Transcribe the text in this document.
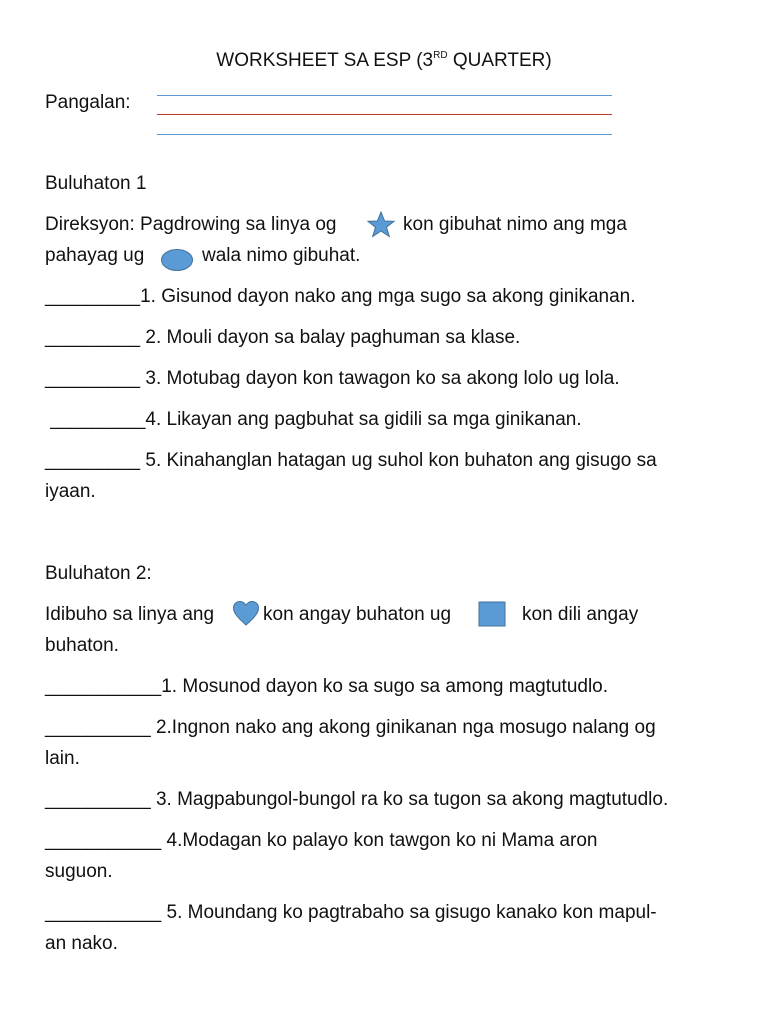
WORKSHEET SA ESP (3RD QUARTER)
Pangalan:
Buluhaton 1
Direksyon: Pagdrowing sa linya og	kon gibuhat nimo ang mga
pahayag ug	wala nimo gibuhat.
_________1. Gisunod dayon nako ang mga sugo sa akong ginikanan.
_________ 2. Mouli dayon sa balay paghuman sa klase.
_________ 3. Motubag dayon kon tawagon ko sa akong lolo ug lola.
_________4. Likayan ang pagbuhat sa gidili sa mga ginikanan.
_________ 5. Kinahanglan hatagan ug suhol kon buhaton ang gisugo sa
iyaan.
Buluhaton 2:
Idibuho sa linya ang	kon angay buhaton ug	kon dili angay
buhaton.
___________1. Mosunod dayon ko sa sugo sa among magtutudlo.
__________ 2.Ingnon nako ang akong ginikanan nga mosugo nalang og
lain.
__________ 3. Magpabungol-bungol ra ko sa tugon sa akong magtutudlo.
___________ 4.Modagan ko palayo kon tawgon ko ni Mama aron
suguon.
___________ 5. Moundang ko pagtrabaho sa gisugo kanako kon mapul-
an nako.
